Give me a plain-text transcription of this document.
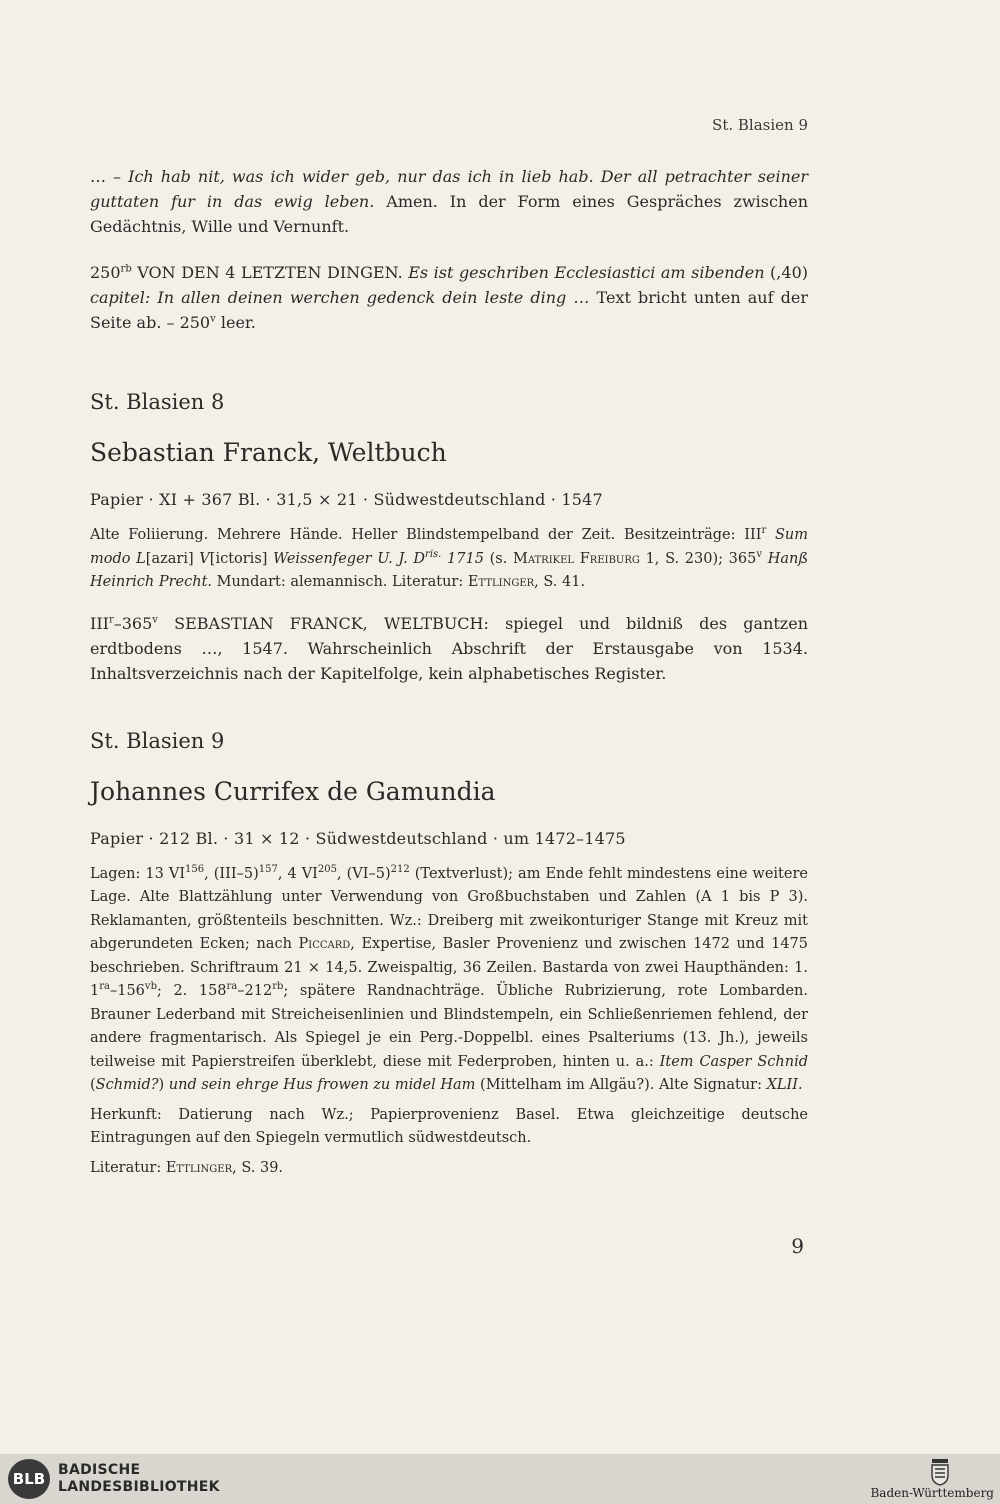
St. Blasien 9

… – Ich hab nit, was ich wider geb, nur das ich in lieb hab. Der all petrachter seiner guttaten fur in das ewig leben. Amen. In der Form eines Gespräches zwischen Gedächtnis, Wille und Vernunft.

$250^{rb}$ VON DEN 4 LETZTEN DINGEN. Es ist geschriben Ecclesiastici am sibenden (,40) capitel: In allen deinen werchen gedenck dein leste ding … Text bricht unten auf der Seite ab. – 250$^v$ leer.

St. Blasien 8
Sebastian Franck, Weltbuch
Papier · XI + 367 Bl. · 31,5 × 21 · Südwestdeutschland · 1547

Alte Foliierung. Mehrere Hände. Heller Blindstempelband der Zeit. Besitzeinträge: III$^r$ Sum modo L[azari] V[ictoris] Weissenfeger U. J. $D^{ris.}$ 1715 (s. Matrikel Freiburg 1, S. 230); 365$^v$ Hanß Heinrich Precht. Mundart: alemannisch. Literatur: Ettlinger, S. 41.

III$^r$–365$^v$ SEBASTIAN FRANCK, WELTBUCH: spiegel und bildniß des gantzen erdtbodens …, 1547. Wahrscheinlich Abschrift der Erstausgabe von 1534. Inhaltsverzeichnis nach der Kapitelfolge, kein alphabetisches Register.

St. Blasien 9
Johannes Currifex de Gamundia
Papier · 212 Bl. · 31 × 12 · Südwestdeutschland · um 1472–1475

Lagen: 13 VI$^{156}$, $(III-5)^{157}$, 4 VI$^{205}$, $(VI-5)^{212}$ (Textverlust); am Ende fehlt mindestens eine weitere Lage. Alte Blattzählung unter Verwendung von Großbuchstaben und Zahlen (A 1 bis P 3). Reklamanten, größtenteils beschnitten. Wz.: Dreiberg mit zweikonturiger Stange mit Kreuz mit abgerundeten Ecken; nach Piccard, Expertise, Basler Provenienz und zwischen 1472 und 1475 beschrieben. Schriftraum 21 × 14,5. Zweispaltig, 36 Zeilen. Bastarda von zwei Haupthänden: 1. $1^{ra}-156^{vb}$; 2. $158^{ra}-212^{rb}$; spätere Randnachträge. Übliche Rubrizierung, rote Lombarden. Brauner Lederband mit Streicheisenlinien und Blindstempeln, ein Schließenriemen fehlend, der andere fragmentarisch. Als Spiegel je ein Perg.-Doppelbl. eines Psalteriums (13. Jh.), jeweils teilweise mit Papierstreifen überklebt, diese mit Federproben, hinten u. a.: Item Casper Schnid (Schmid?) und sein ehrge Hus frowen zu midel Ham (Mittelham im Allgäu?). Alte Signatur: XLII.

Herkunft: Datierung nach Wz.; Papierprovenienz Basel. Etwa gleichzeitige deutsche Eintragungen auf den Spiegeln vermutlich südwestdeutsch.

Literatur: Ettlinger, S. 39.

9
BLB BADISCHE
LANDESBIBLIOTHEK	Baden-Württemberg
